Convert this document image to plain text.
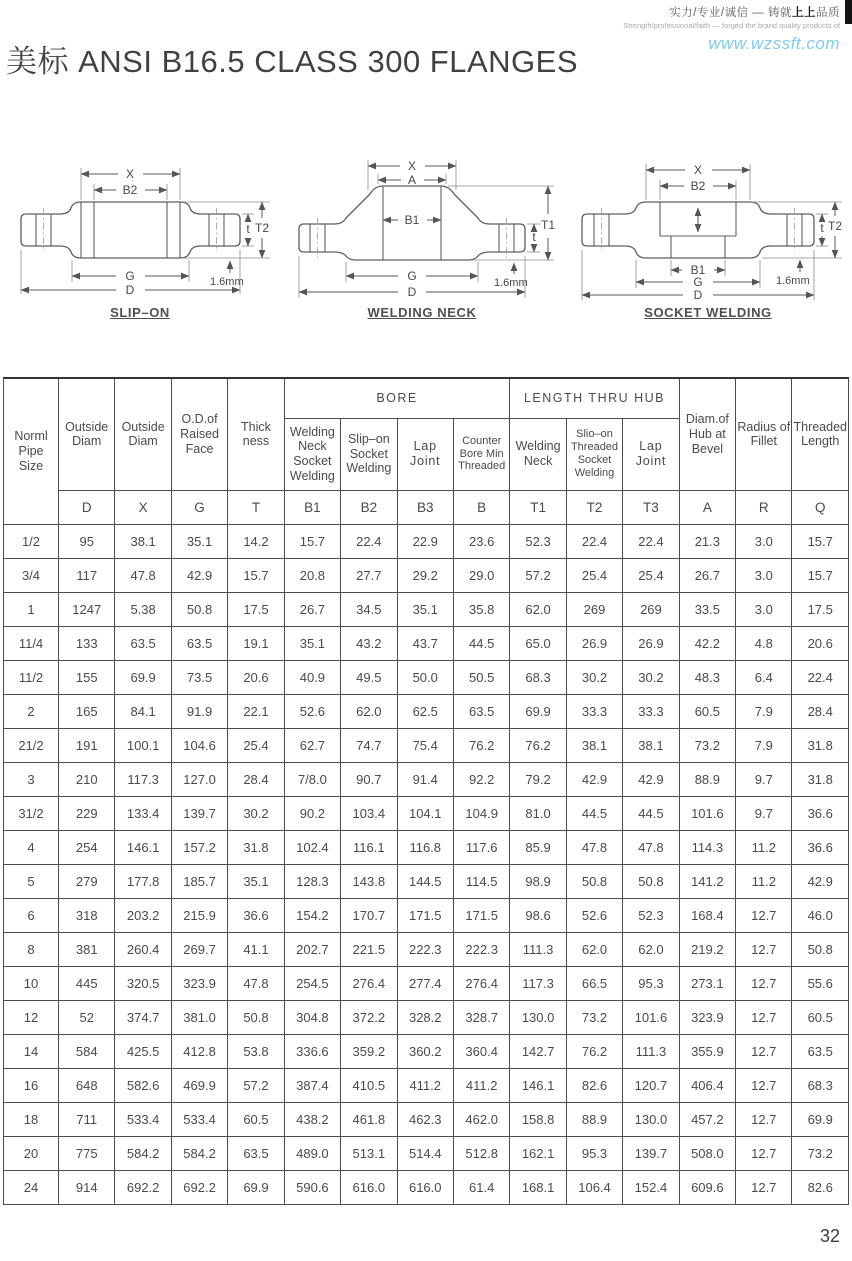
实力/专业/诚信 — 铸就上上品质
Strength/professional/faith — forged the brand quality products of
www.wzssft.com
美标 ANSI B16.5 CLASS 300 FLANGES
X
B2
G
D
T2
t
1.6mm
SLIP–ON
X
A
B1
G
D
T1
t
1.6mm
WELDING NECK
X
B2
B1
G
D
T2
t
1.6mm
SOCKET WELDING
Norml Pipe Size	Outside Diam	Outside Diam	O.D.of Raised Face	Thick ness	BORE				LENGTH THRU HUB			Diam.of Hub at Bevel	Radius of Fillet	Threaded Length
					Welding Neck Socket Welding	Slip–on Socket Welding	Lap Joint	Counter Bore Min Threaded	Welding Neck	Slio–on Threaded Socket Welding	Lap Joint			
	D	X	G	T	B1	B2	B3	B	T1	T2	T3	A	R	Q
1/2	95	38.1	35.1	14.2	15.7	22.4	22.9	23.6	52.3	22.4	22.4	21.3	3.0	15.7
3/4	117	47.8	42.9	15.7	20.8	27.7	29.2	29.0	57.2	25.4	25.4	26.7	3.0	15.7
1	1247	5.38	50.8	17.5	26.7	34.5	35.1	35.8	62.0	269	269	33.5	3.0	17.5
11/4	133	63.5	63.5	19.1	35.1	43.2	43.7	44.5	65.0	26.9	26.9	42.2	4.8	20.6
11/2	155	69.9	73.5	20.6	40.9	49.5	50.0	50.5	68.3	30.2	30.2	48.3	6.4	22.4
2	165	84.1	91.9	22.1	52.6	62.0	62.5	63.5	69.9	33.3	33.3	60.5	7.9	28.4
21/2	191	100.1	104.6	25.4	62.7	74.7	75.4	76.2	76.2	38.1	38.1	73.2	7.9	31.8
3	210	117.3	127.0	28.4	7/8.0	90.7	91.4	92.2	79.2	42.9	42.9	88.9	9.7	31.8
31/2	229	133.4	139.7	30.2	90.2	103.4	104.1	104.9	81.0	44.5	44.5	101.6	9.7	36.6
4	254	146.1	157.2	31.8	102.4	116.1	116.8	117.6	85.9	47.8	47.8	114.3	11.2	36.6
5	279	177.8	185.7	35.1	128.3	143.8	144.5	114.5	98.9	50.8	50.8	141.2	11.2	42.9
6	318	203.2	215.9	36.6	154.2	170.7	171.5	171.5	98.6	52.6	52.3	168.4	12.7	46.0
8	381	260.4	269.7	41.1	202.7	221.5	222.3	222.3	111.3	62.0	62.0	219.2	12.7	50.8
10	445	320.5	323.9	47.8	254.5	276.4	277.4	276.4	117.3	66.5	95.3	273.1	12.7	55.6
12	52	374.7	381.0	50.8	304.8	372.2	328.2	328.7	130.0	73.2	101.6	323.9	12.7	60.5
14	584	425.5	412.8	53.8	336.6	359.2	360.2	360.4	142.7	76.2	111.3	355.9	12.7	63.5
16	648	582.6	469.9	57.2	387.4	410.5	411.2	411.2	146.1	82.6	120.7	406.4	12.7	68.3
18	711	533.4	533.4	60.5	438.2	461.8	462.3	462.0	158.8	88.9	130.0	457.2	12.7	69.9
20	775	584.2	584.2	63.5	489.0	513.1	514.4	512.8	162.1	95.3	139.7	508.0	12.7	73.2
24	914	692.2	692.2	69.9	590.6	616.0	616.0	61.4	168.1	106.4	152.4	609.6	12.7	82.6
32
